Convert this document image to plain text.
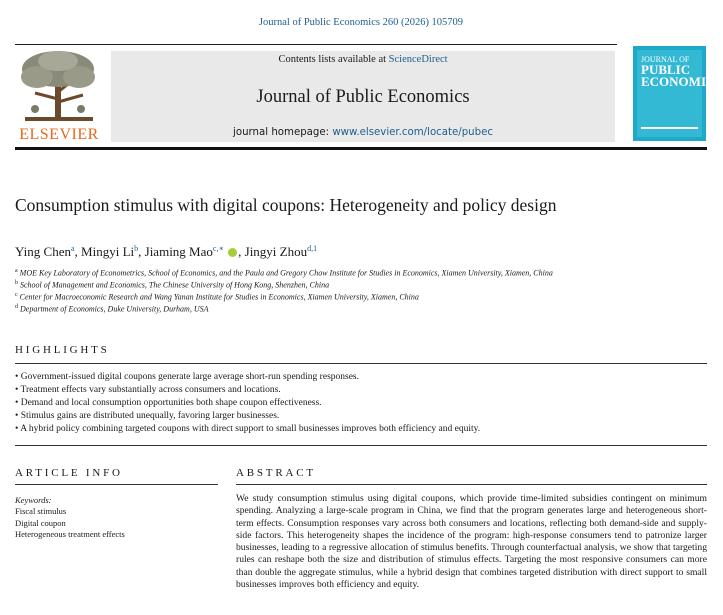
Journal of Public Economics 260 (2026) 105709
ELSEVIER
Contents lists available at ScienceDirect
Journal of Public Economics
journal homepage: www.elsevier.com/locate/pubec
JOURNAL OF
PUBLIC
ECONOMICS
Consumption stimulus with digital coupons: Heterogeneity and policy design
Ying Chen$^a$, Mingyi Li$^b$, Jiaming Mao$^{c,∗}$ , Jingyi Zhou$^{d,1}$
$^a$ MOE Key Laboratory of Econometrics, School of Economics, and the Paula and Gregory Chow Institute for Studies in Economics, Xiamen University, Xiamen, China
$^b$ School of Management and Economics, The Chinese University of Hong Kong, Shenzhen, China
$^c$ Center for Macroeconomic Research and Wang Yanan Institute for Studies in Economics, Xiamen University, Xiamen, China
$^d$ Department of Economics, Duke University, Durham, USA
HIGHLIGHTS
• Government-issued digital coupons generate large average short-run spending responses.
• Treatment effects vary substantially across consumers and locations.
• Demand and local consumption opportunities both shape coupon effectiveness.
• Stimulus gains are distributed unequally, favoring larger businesses.
• A hybrid policy combining targeted coupons with direct support to small businesses improves both efficiency and equity.
ARTICLE INFO
Keywords:
Fiscal stimulus
Digital coupon
Heterogeneous treatment effects
ABSTRACT

We study consumption stimulus using digital coupons, which provide time-limited subsidies contingent on minimum spending. Analyzing a large-scale program in China, we find that the program generates large and heterogeneous short-term effects. Consumption responses vary across both consumers and locations, reflecting both demand-side and supply-side factors. This heterogeneity shapes the incidence of the program: high-response consumers tend to patronize larger businesses, leading to a regressive allocation of stimulus benefits. Through counterfactual analysis, we show that targeting rules can reshape both the size and distribution of stimulus effects. Targeting the most responsive consumers can more than double the aggregate stimulus, while a hybrid design that combines targeted distribution with direct support to small businesses improves both efficiency and equity.
